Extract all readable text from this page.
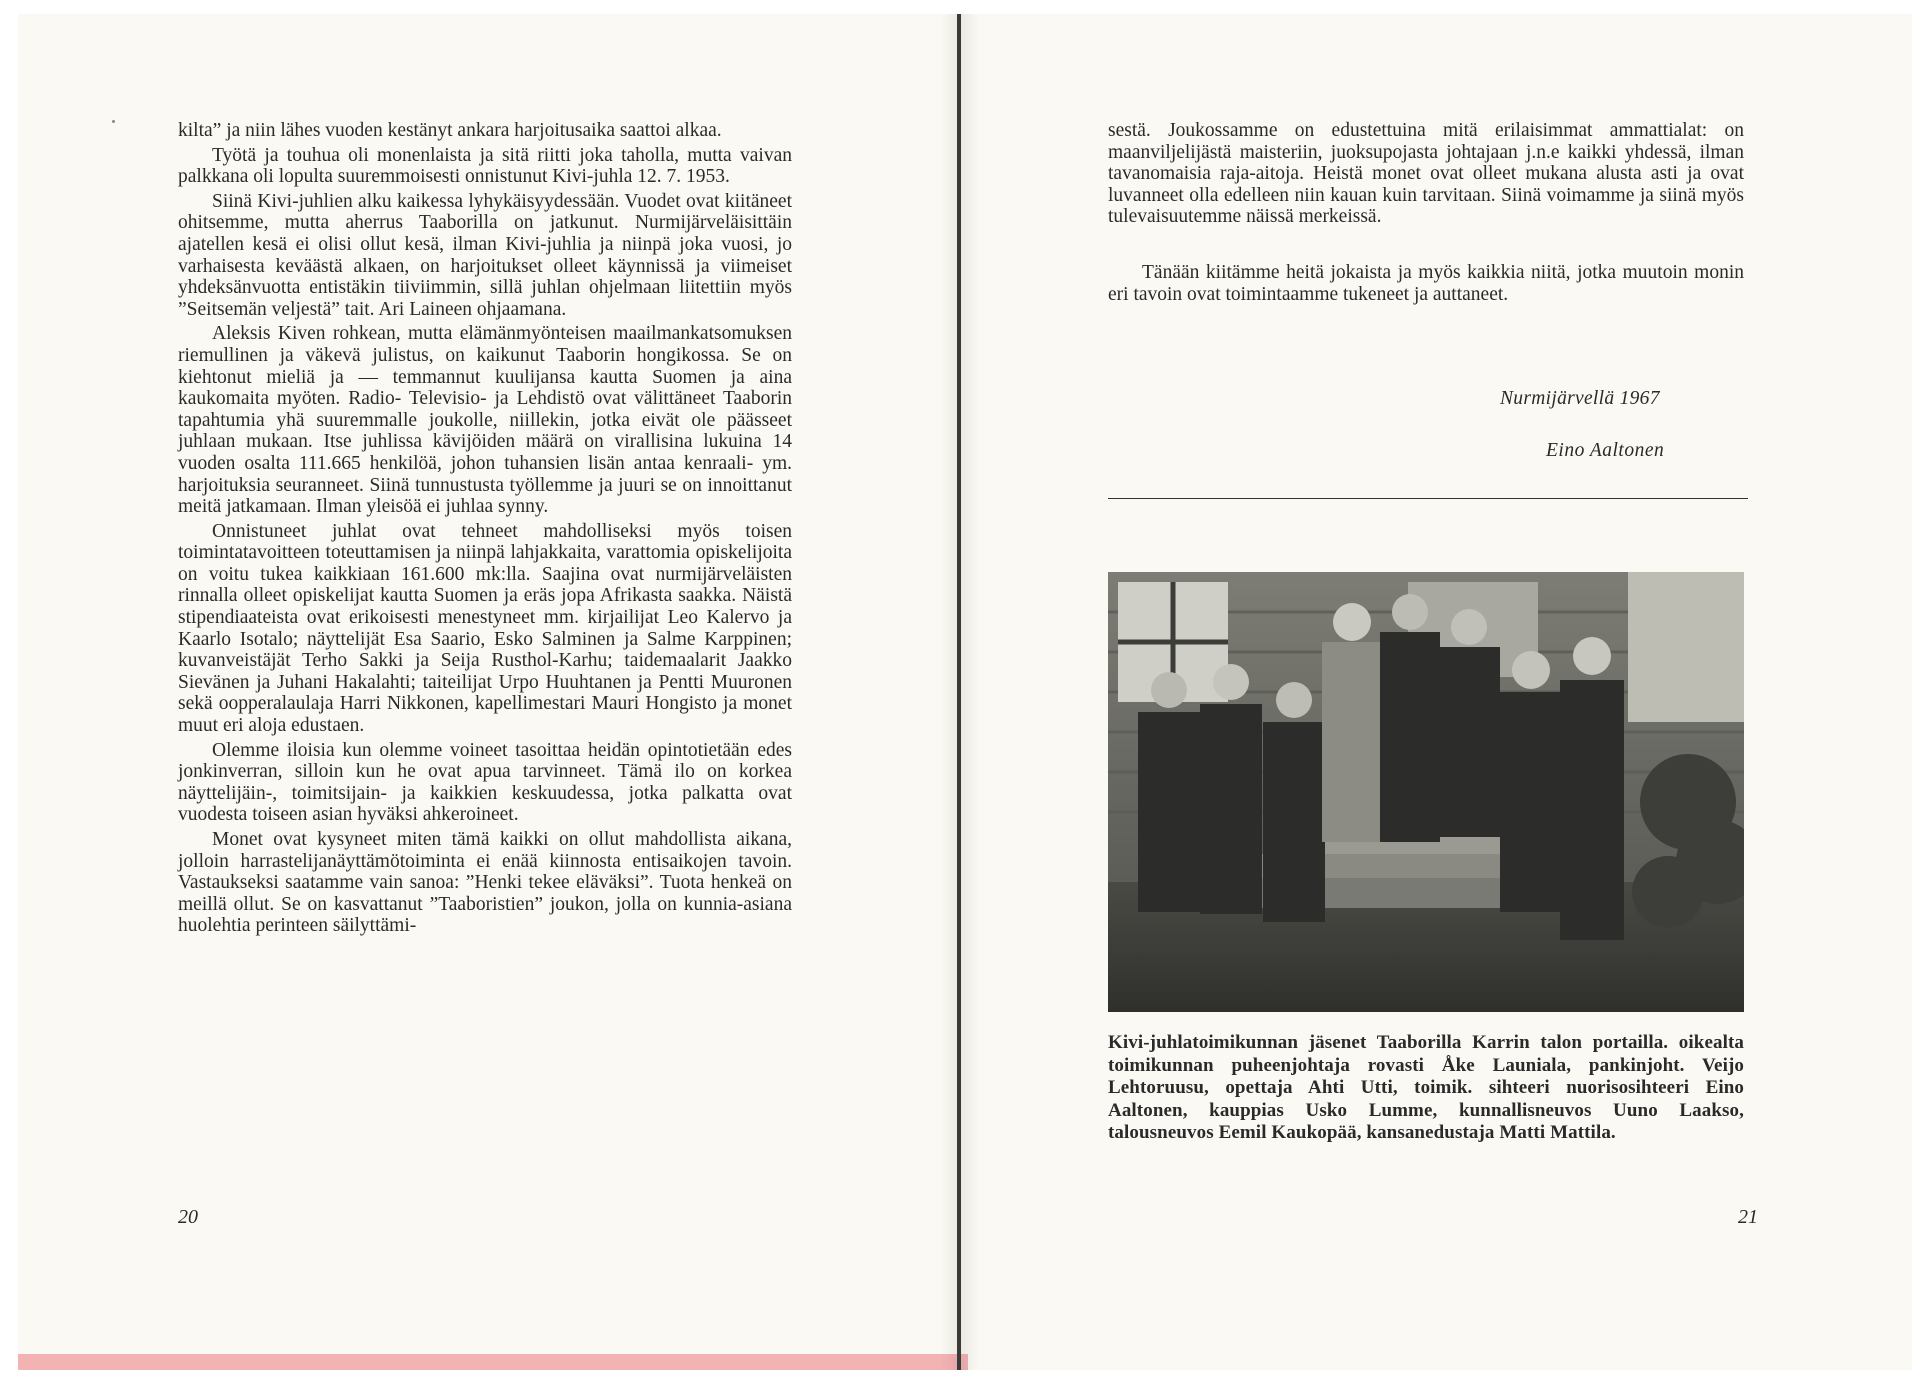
kilta” ja niin lähes vuoden kestänyt ankara harjoitusaika saattoi alkaa.

Työtä ja touhua oli monenlaista ja sitä riitti joka taholla, mutta vaivan palkkana oli lopulta suuremmoisesti onnistunut Kivi-juhla 12. 7. 1953.

Siinä Kivi-juhlien alku kaikessa lyhykäisyydessään. Vuodet ovat kiitäneet ohitsemme, mutta aherrus Taaborilla on jatkunut. Nurmijärveläisittäin ajatellen kesä ei olisi ollut kesä, ilman Kivi-juhlia ja niinpä joka vuosi, jo varhaisesta keväästä alkaen, on harjoitukset olleet käynnissä ja viimeiset yhdeksänvuotta entistäkin tiiviimmin, sillä juhlan ohjelmaan liitettiin myös ”Seitsemän veljestä” tait. Ari Laineen ohjaamana.

Aleksis Kiven rohkean, mutta elämänmyönteisen maailmankatsomuksen riemullinen ja väkevä julistus, on kaikunut Taaborin hongikossa. Se on kiehtonut mieliä ja — temmannut kuulijansa kautta Suomen ja aina kaukomaita myöten. Radio- Televisio- ja Lehdistö ovat välittäneet Taaborin tapahtumia yhä suuremmalle joukolle, niillekin, jotka eivät ole päässeet juhlaan mukaan. Itse juhlissa kävijöiden määrä on virallisina lukuina 14 vuoden osalta 111.665 henkilöä, johon tuhansien lisän antaa kenraali- ym. harjoituksia seuranneet. Siinä tunnustusta työllemme ja juuri se on innoittanut meitä jatkamaan. Ilman yleisöä ei juhlaa synny.

Onnistuneet juhlat ovat tehneet mahdolliseksi myös toisen toimintatavoitteen toteuttamisen ja niinpä lahjakkaita, varattomia opiskelijoita on voitu tukea kaikkiaan 161.600 mk:lla. Saajina ovat nurmijärveläisten rinnalla olleet opiskelijat kautta Suomen ja eräs jopa Afrikasta saakka. Näistä stipendiaateista ovat erikoisesti menestyneet mm. kirjailijat Leo Kalervo ja Kaarlo Isotalo; näyttelijät Esa Saario, Esko Salminen ja Salme Karppinen; kuvanveistäjät Terho Sakki ja Seija Rusthol-Karhu; taidemaalarit Jaakko Sievänen ja Juhani Hakalahti; taiteilijat Urpo Huuhtanen ja Pentti Muuronen sekä oopperalaulaja Harri Nikkonen, kapellimestari Mauri Hongisto ja monet muut eri aloja edustaen.

Olemme iloisia kun olemme voineet tasoittaa heidän opintotietään edes jonkinverran, silloin kun he ovat apua tarvinneet. Tämä ilo on korkea näyttelijäin-, toimitsijain- ja kaikkien keskuudessa, jotka palkatta ovat vuodesta toiseen asian hyväksi ahkeroineet.

Monet ovat kysyneet miten tämä kaikki on ollut mahdollista aikana, jolloin harrastelijanäyttämötoiminta ei enää kiinnosta entisaikojen tavoin. Vastaukseksi saatamme vain sanoa: ”Henki tekee eläväksi”. Tuota henkeä on meillä ollut. Se on kasvattanut ”Taaboristien” joukon, jolla on kunnia-asiana huolehtia perinteen säilyttämi-

20

sestä. Joukossamme on edustettuina mitä erilaisimmat ammattialat: on maanviljelijästä maisteriin, juoksupojasta johtajaan j.n.e kaikki yhdessä, ilman tavanomaisia raja-aitoja. Heistä monet ovat olleet mukana alusta asti ja ovat luvanneet olla edelleen niin kauan kuin tarvitaan. Siinä voimamme ja siinä myös tulevaisuutemme näissä merkeissä.

Tänään kiitämme heitä jokaista ja myös kaikkia niitä, jotka muutoin monin eri tavoin ovat toimintaamme tukeneet ja auttaneet.

Nurmijärvellä 1967
Eino Aaltonen
Kivi-juhlatoimikunnan jäsenet Taaborilla Karrin talon portailla. oikealta toimikunnan puheenjohtaja rovasti Åke Launiala, pankinjoht. Veijo Lehtoruusu, opettaja Ahti Utti, toimik. sihteeri nuorisosihteeri Eino Aaltonen, kauppias Usko Lumme, kunnallisneuvos Uuno Laakso, talousneuvos Eemil Kaukopää, kansanedustaja Matti Mattila.
21
